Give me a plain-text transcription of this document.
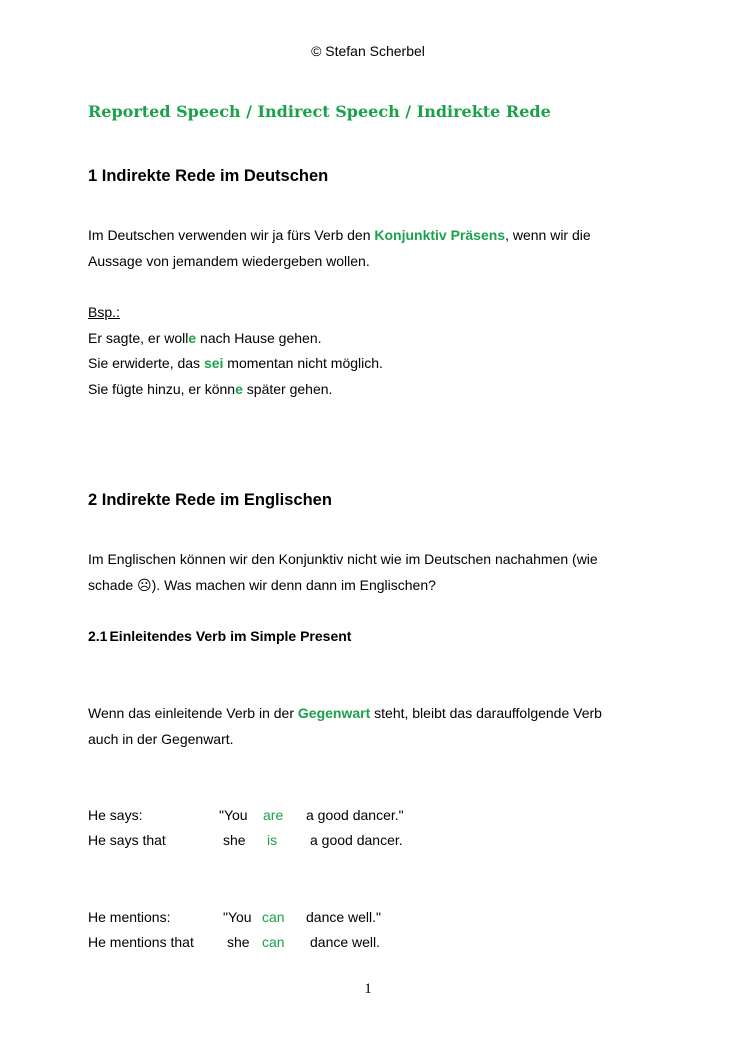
© Stefan Scherbel
Reported Speech / Indirect Speech / Indirekte Rede
1 Indirekte Rede im Deutschen
Im Deutschen verwenden wir ja fürs Verb den Konjunktiv Präsens, wenn wir die
Aussage von jemandem wiedergeben wollen.
Bsp.:
Er sagte, er wolle nach Hause gehen.
Sie erwiderte, das sei momentan nicht möglich.
Sie fügte hinzu, er könne später gehen.
2 Indirekte Rede im Englischen
Im Englischen können wir den Konjunktiv nicht wie im Deutschen nachahmen (wie
schade ☹). Was machen wir denn dann im Englischen?
2.1 Einleitendes Verb im Simple Present
Wenn das einleitende Verb in der Gegenwart steht, bleibt das darauffolgende Verb
auch in der Gegenwart.
He says:	"You are a good dancer."
He says that	she is a good dancer.
He mentions:	"You can dance well."
He mentions that she can dance well.
1
